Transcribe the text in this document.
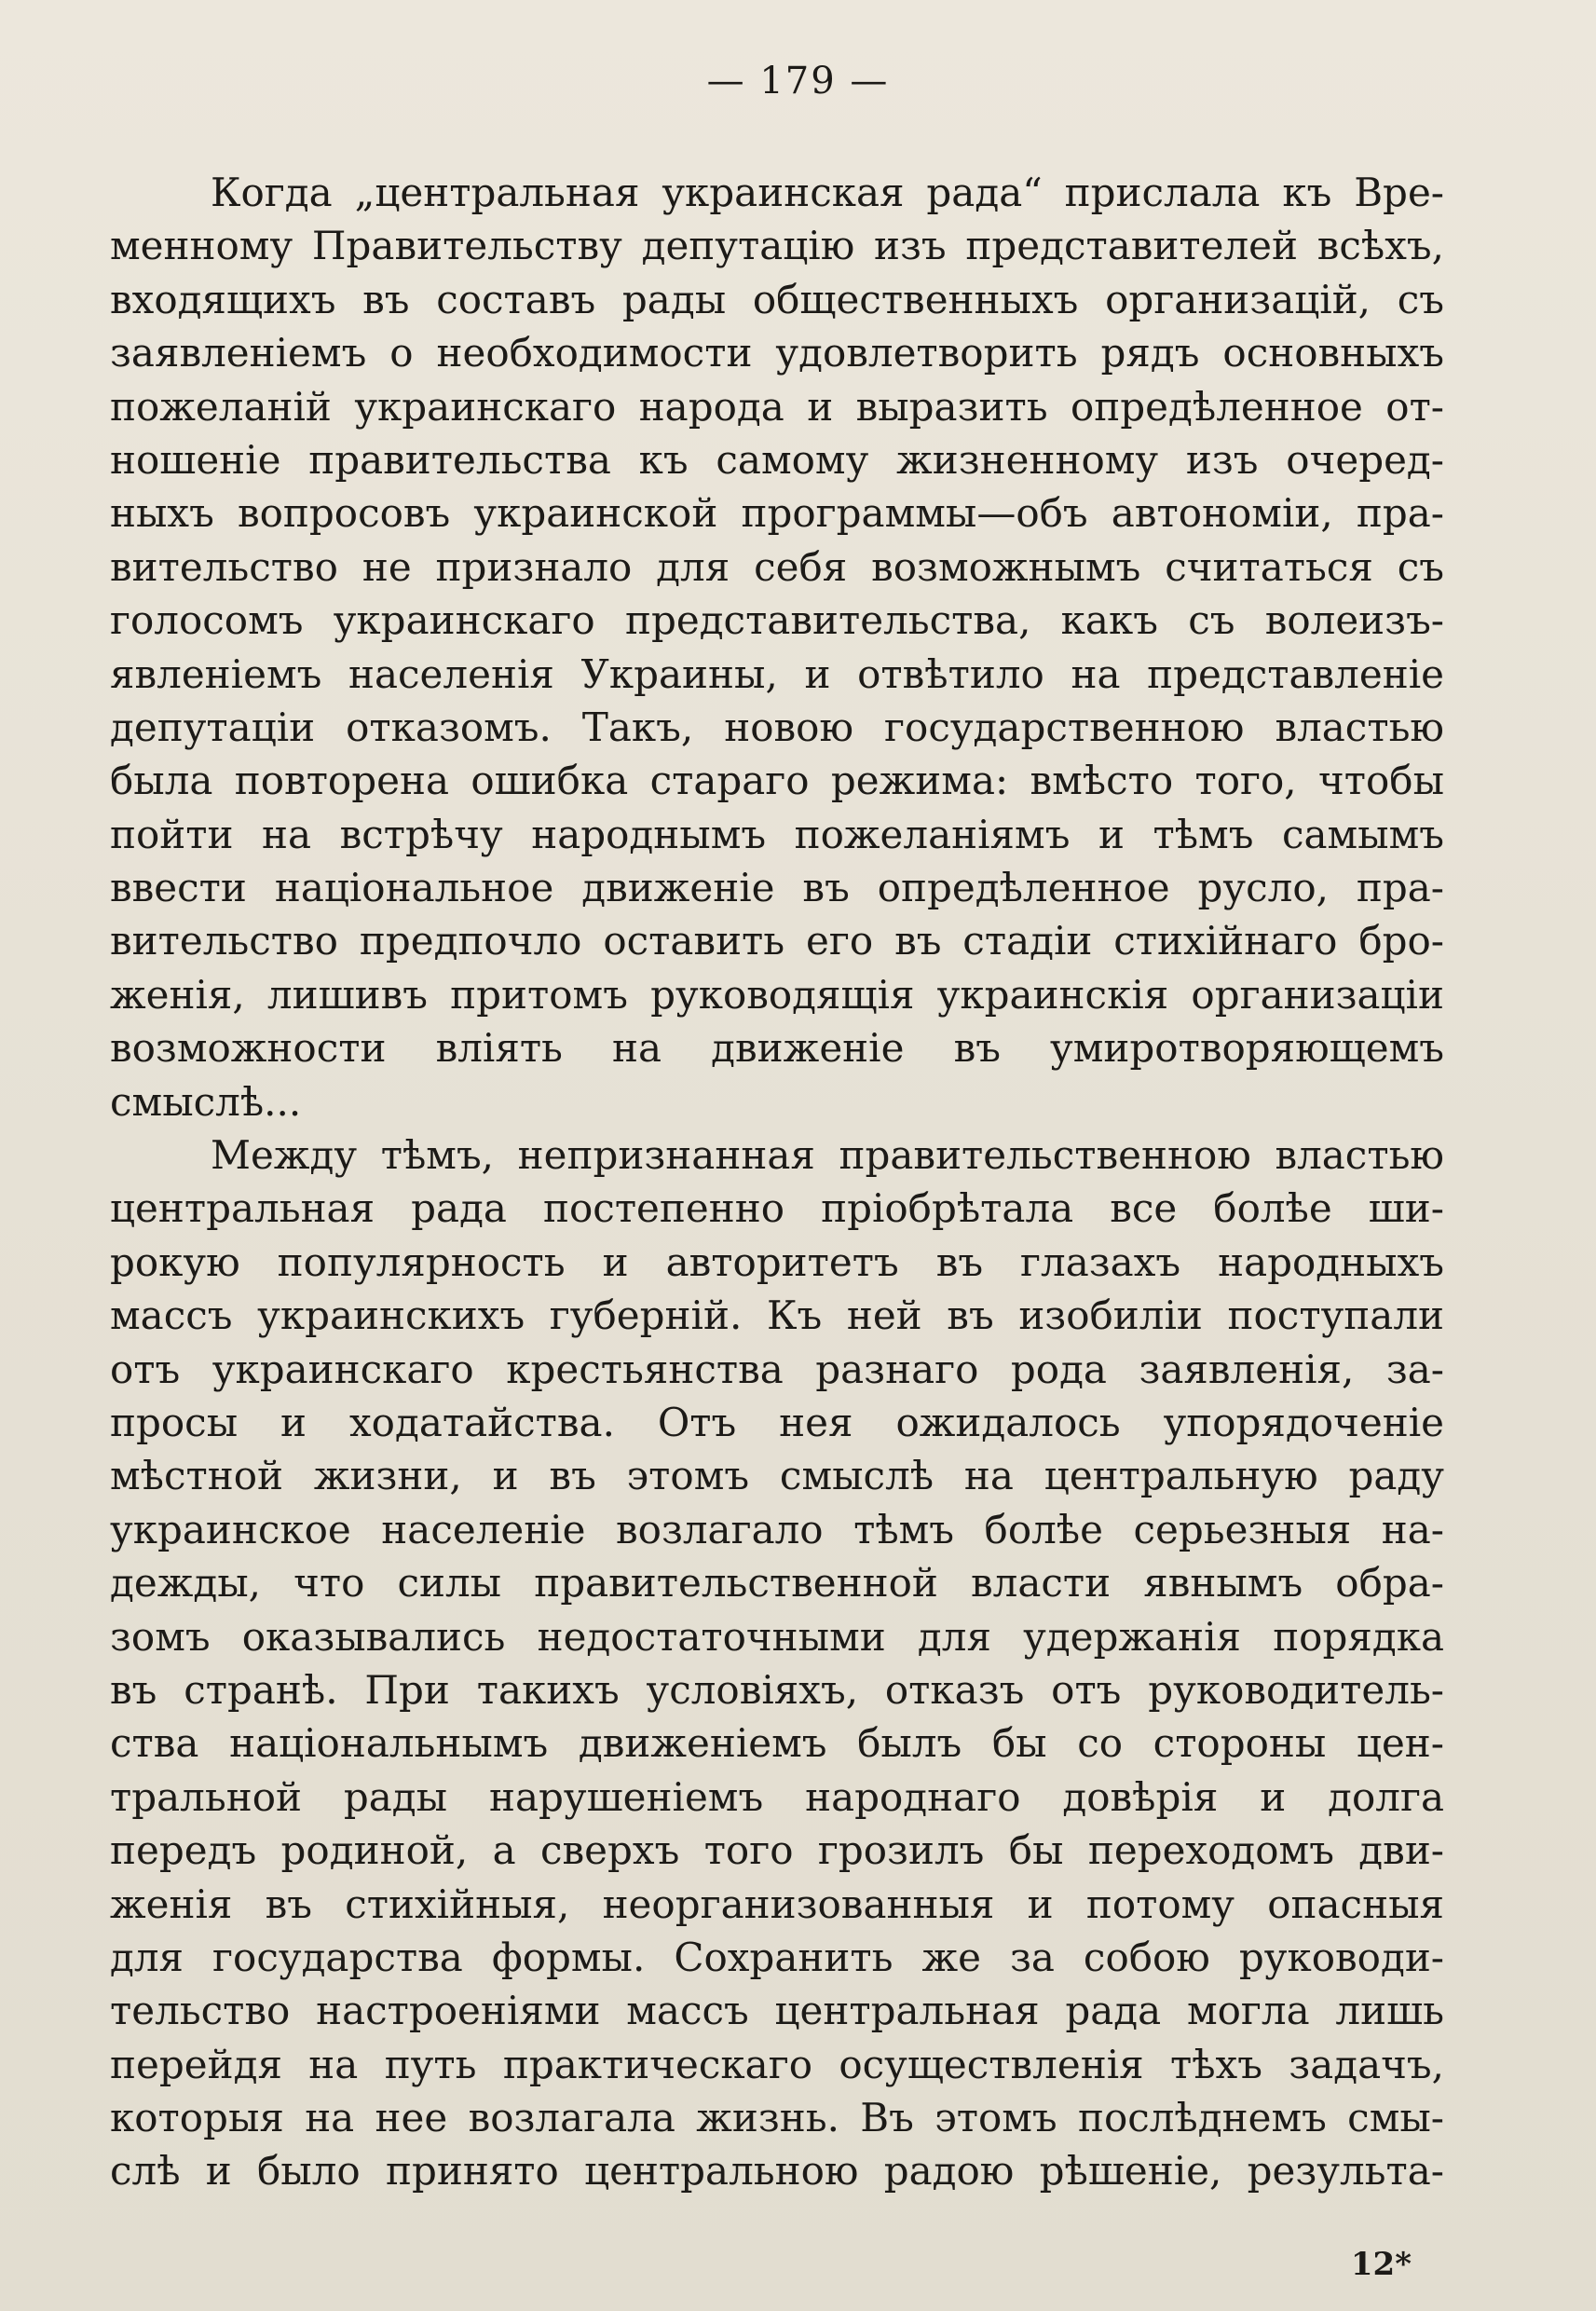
— 179 —
Когда „центральная украинская рада“ прислала къ Вре-
менному Правительству депутацію изъ представителей всѣхъ,
входящихъ въ составъ рады общественныхъ организацій, съ
заявленіемъ о необходимости удовлетворить рядъ основныхъ
пожеланій украинскаго народа и выразить опредѣленное от-
ношеніе правительства къ самому жизненному изъ очеред-
ныхъ вопросовъ украинской программы—объ автономіи, пра-
вительство не признало для себя возможнымъ считаться съ
голосомъ украинскаго представительства, какъ съ волеизъ-
явленіемъ населенія Украины, и отвѣтило на представленіе
депутаціи отказомъ. Такъ, новою государственною властью
была повторена ошибка стараго режима: вмѣсто того, чтобы
пойти на встрѣчу народнымъ пожеланіямъ и тѣмъ самымъ
ввести національное движеніе въ опредѣленное русло, пра-
вительство предпочло оставить его въ стадіи стихійнаго бро-
женія, лишивъ притомъ руководящія украинскія организаціи
возможности вліять на движеніе въ умиротворяющемъ
смыслѣ...
Между тѣмъ, непризнанная правительственною властью
центральная рада постепенно пріобрѣтала все болѣе ши-
рокую популярность и авторитетъ въ глазахъ народныхъ
массъ украинскихъ губерній. Къ ней въ изобиліи поступали
отъ украинскаго крестьянства разнаго рода заявленія, за-
просы и ходатайства. Отъ нея ожидалось упорядоченіе
мѣстной жизни, и въ этомъ смыслѣ на центральную раду
украинское населеніе возлагало тѣмъ болѣе серьезныя на-
дежды, что силы правительственной власти явнымъ обра-
зомъ оказывались недостаточными для удержанія порядка
въ странѣ. При такихъ условіяхъ, отказъ отъ руководитель-
ства національнымъ движеніемъ былъ бы со стороны цен-
тральной рады нарушеніемъ народнаго довѣрія и долга
передъ родиной, а сверхъ того грозилъ бы переходомъ дви-
женія въ стихійныя, неорганизованныя и потому опасныя
для государства формы. Сохранить же за собою руководи-
тельство настроеніями массъ центральная рада могла лишь
перейдя на путь практическаго осуществленія тѣхъ задачъ,
которыя на нее возлагала жизнь. Въ этомъ послѣднемъ смы-
слѣ и было принято центральною радою рѣшеніе, результа-
12*
